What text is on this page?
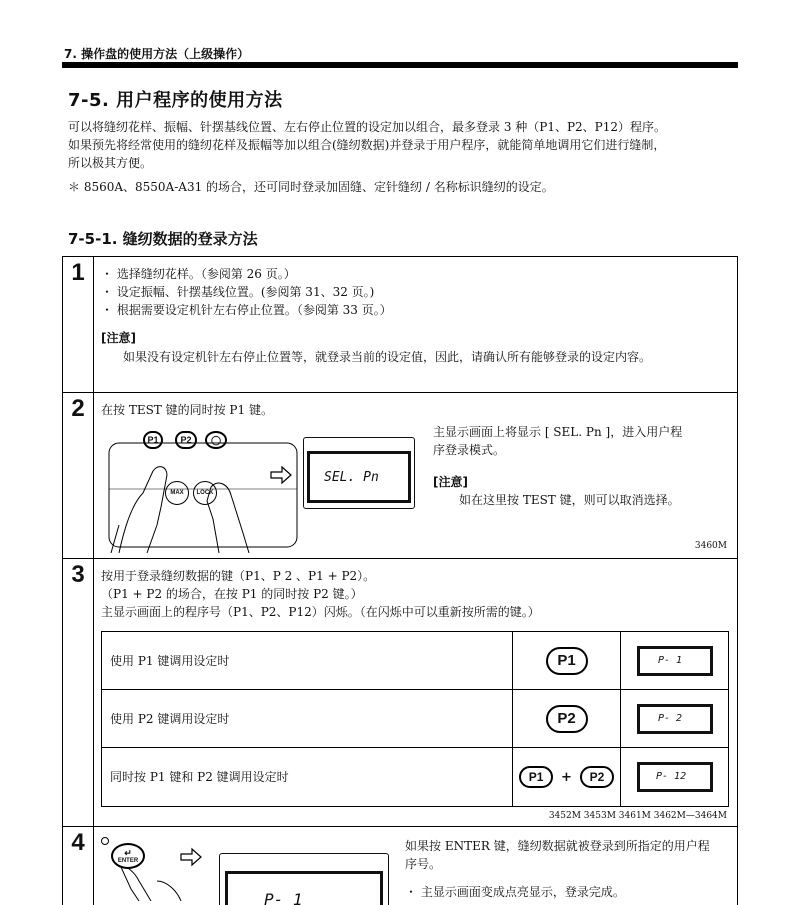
7. 操作盘的使用方法（上级操作）
7-5. 用户程序的使用方法
可以将缝纫花样、振幅、针摆基线位置、左右停止位置的设定加以组合，最多登录 3 种（P1、P2、P12）程序。
如果预先将经常使用的缝纫花样及振幅等加以组合(缝纫数据)并登录于用户程序，就能简单地调用它们进行缝制，
所以极其方便。
＊ 8560A、8550A-A31 的场合，还可同时登录加固缝、定针缝纫 / 名称标识缝纫的设定。
7-5-1. 缝纫数据的登录方法
1	・ 选择缝纫花样。（参阅第 26 页。）
・ 设定振幅、针摆基线位置。(参阅第 31、32 页。)
・ 根据需要设定机针左右停止位置。（参阅第 33 页。）
[注意]
如果没有设定机针左右停止位置等，就登录当前的设定值，因此，请确认所有能够登录的设定内容。
2	在按 TEST 键的同时按 P1 键。
P1 P2 ◯
MAX LOCK
SEL. Pn
主显示画面上将显示 [ SEL. Pn ]，进入用户程
序登录模式。
[注意]
如在这里按 TEST 键，则可以取消选择。
3460M
3	按用于登录缝纫数据的键（P1、P 2 、P1 + P2）。
（P1 + P2 的场合，在按 P1 的同时按 P2 键。）
主显示画面上的程序号（P1、P2、P12）闪烁。（在闪烁中可以重新按所需的键。）
使用 P1 键调用设定时	P1	P- 1
使用 P2 键调用设定时	P2	P- 2
同时按 P1 键和 P2 键调用设定时	P1	+	P2	P- 12
3452M 3453M 3461M 3462M—3464M
4	↵
ENTER
P- 1
如果按 ENTER 键，缝纫数据就被登录到所指定的用户程
序号。
・ 主显示画面变成点亮显示，登录完成。
